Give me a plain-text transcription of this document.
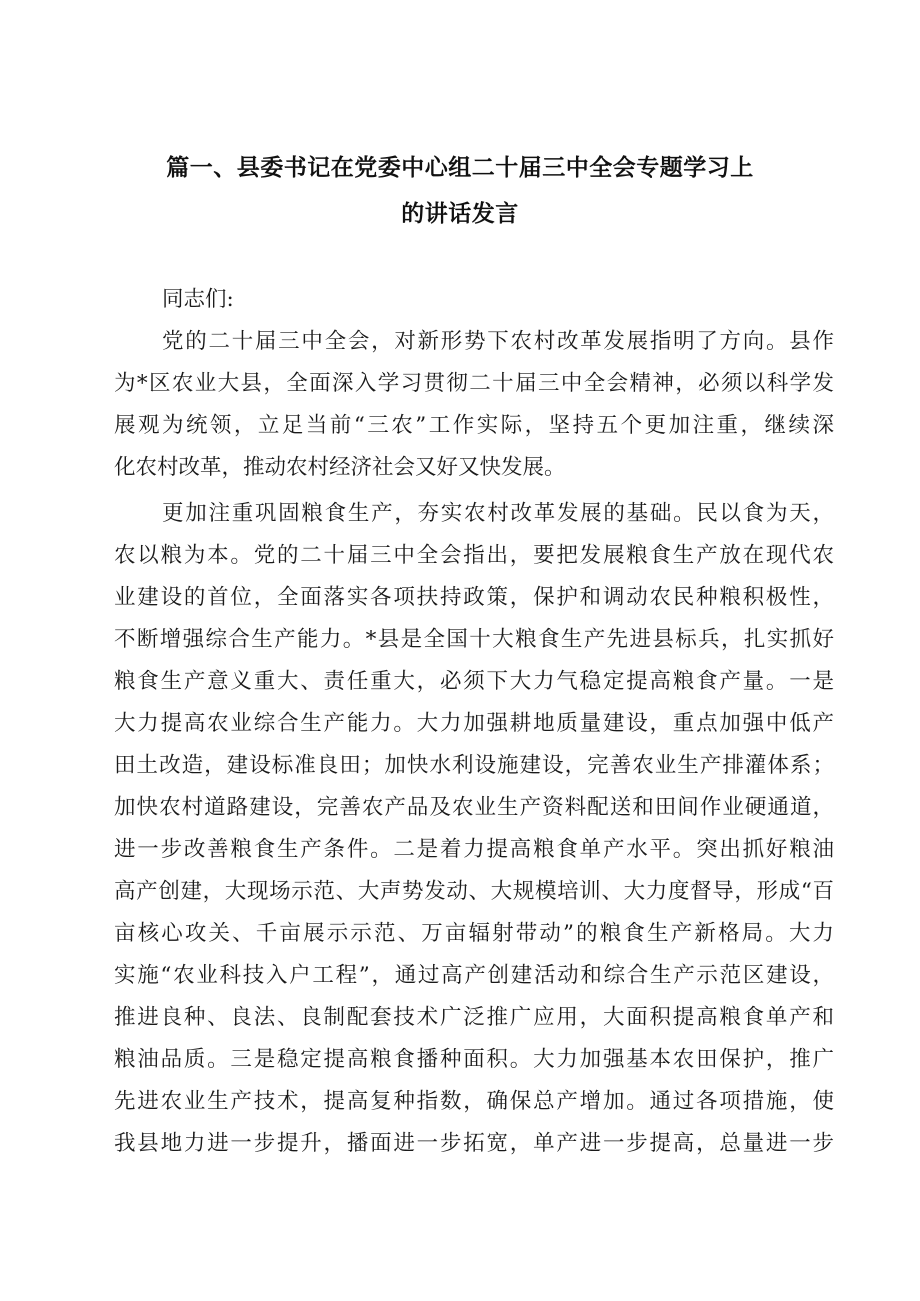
篇一、县委书记在党委中心组二十届三中全会专题学习上
的讲话发言
同志们:
党的二十届三中全会，对新形势下农村改革发展指明了方向。县作
为*区农业大县，全面深入学习贯彻二十届三中全会精神，必须以科学发
展观为统领，立足当前“三农”工作实际，坚持五个更加注重，继续深
化农村改革，推动农村经济社会又好又快发展。
更加注重巩固粮食生产，夯实农村改革发展的基础。民以食为天，
农以粮为本。党的二十届三中全会指出，要把发展粮食生产放在现代农
业建设的首位，全面落实各项扶持政策，保护和调动农民种粮积极性，
不断增强综合生产能力。*县是全国十大粮食生产先进县标兵，扎实抓好
粮食生产意义重大、责任重大，必须下大力气稳定提高粮食产量。一是
大力提高农业综合生产能力。大力加强耕地质量建设，重点加强中低产
田土改造，建设标准良田；加快水利设施建设，完善农业生产排灌体系；
加快农村道路建设，完善农产品及农业生产资料配送和田间作业硬通道，
进一步改善粮食生产条件。二是着力提高粮食单产水平。突出抓好粮油
高产创建，大现场示范、大声势发动、大规模培训、大力度督导，形成“百
亩核心攻关、千亩展示示范、万亩辐射带动”的粮食生产新格局。大力
实施“农业科技入户工程”，通过高产创建活动和综合生产示范区建设，
推进良种、良法、良制配套技术广泛推广应用，大面积提高粮食单产和
粮油品质。三是稳定提高粮食播种面积。大力加强基本农田保护，推广
先进农业生产技术，提高复种指数，确保总产增加。通过各项措施，使
我县地力进一步提升，播面进一步拓宽，单产进一步提高，总量进一步
